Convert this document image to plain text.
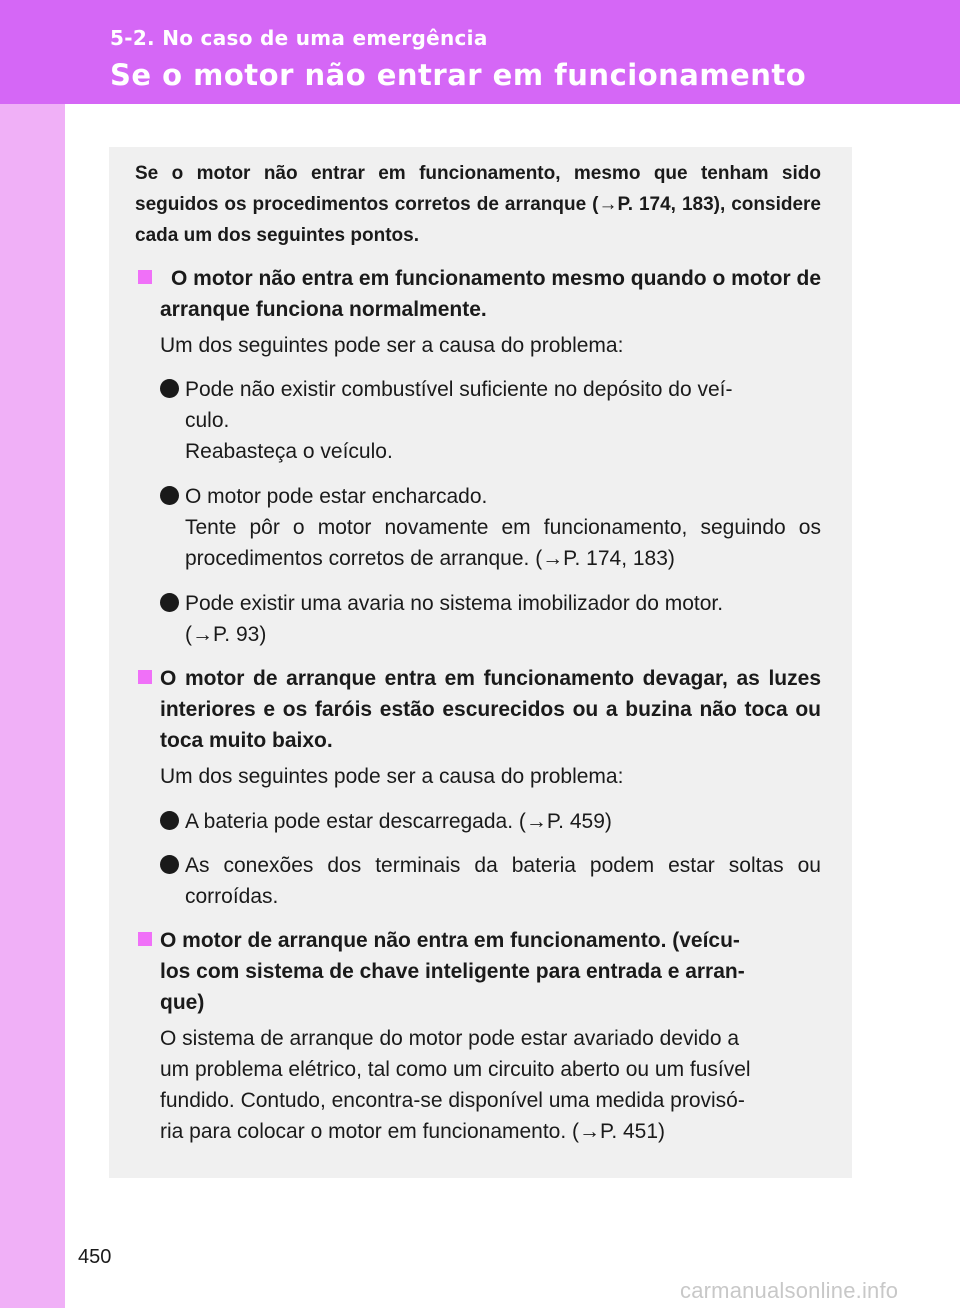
5-2. No caso de uma emergência
Se o motor não entrar em funcionamento
Se o motor não entrar em funcionamento, mesmo que tenham sido seguidos os procedimentos corretos de arranque (→P. 174, 183), considere cada um dos seguintes pontos.
O motor não entra em funcionamento mesmo quando o motor de arranque funciona normalmente.
Um dos seguintes pode ser a causa do problema:
Pode não existir combustível suficiente no depósito do veí-
culo.
Reabasteça o veículo.
O motor pode estar encharcado.
Tente pôr o motor novamente em funcionamento, seguindo os procedimentos corretos de arranque. (→P. 174, 183)
Pode existir uma avaria no sistema imobilizador do motor.
(→P. 93)
O motor de arranque entra em funcionamento devagar, as luzes interiores e os faróis estão escurecidos ou a buzina não toca ou toca muito baixo.
Um dos seguintes pode ser a causa do problema:
A bateria pode estar descarregada. (→P. 459)
As conexões dos terminais da bateria podem estar soltas ou corroídas.
O motor de arranque não entra em funcionamento. (veícu-
los com sistema de chave inteligente para entrada e arran-
que)
O sistema de arranque do motor pode estar avariado devido a
um problema elétrico, tal como um circuito aberto ou um fusível
fundido. Contudo, encontra-se disponível uma medida provisó-
ria para colocar o motor em funcionamento. (→P. 451)
450
carmanualsonline.info
